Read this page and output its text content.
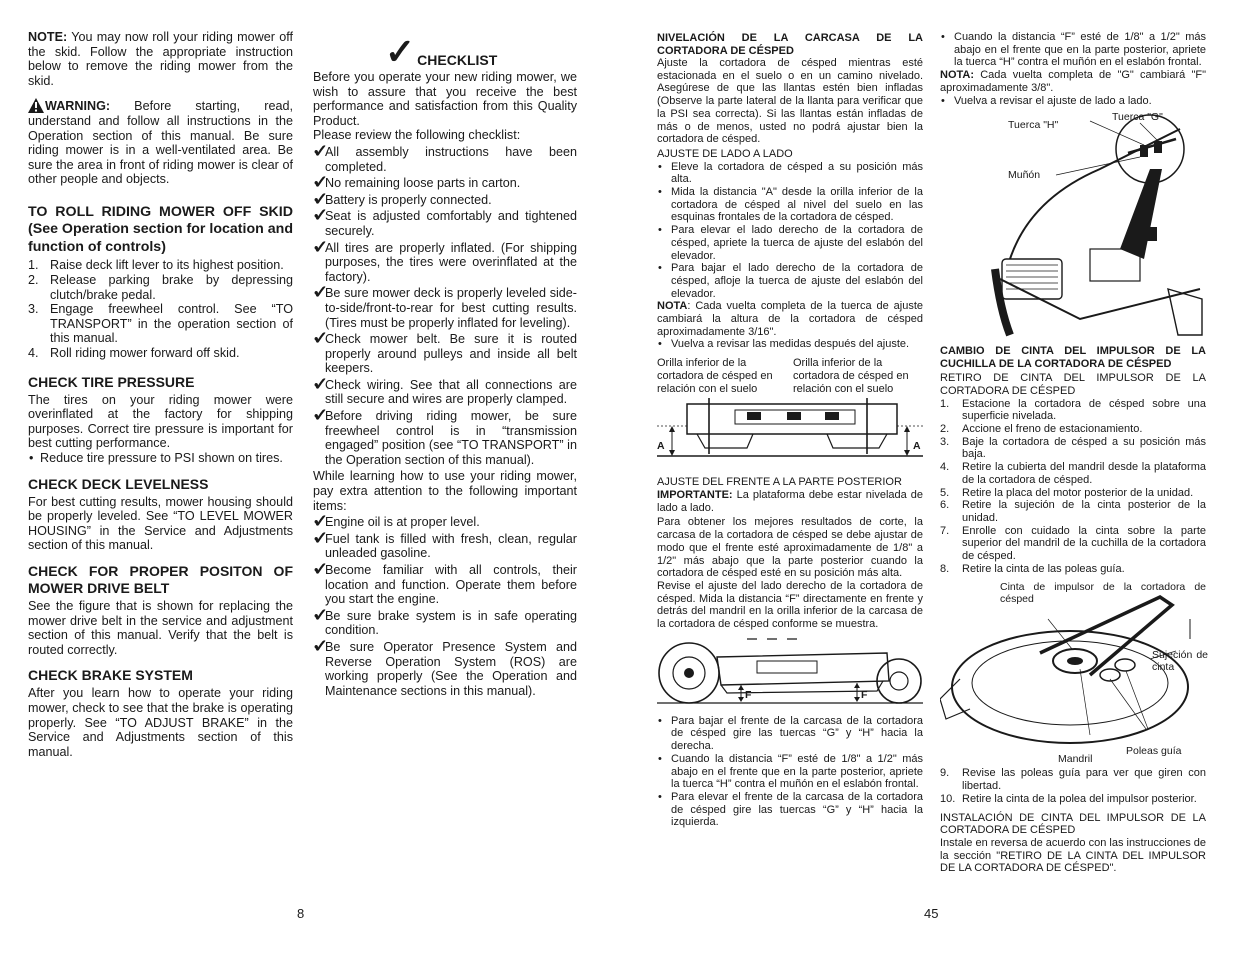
NOTE: You may now roll your riding mower off the skid. Follow the appropriate instruction below to remove the riding mower from the skid.

WARNING: Before starting, read, understand and follow all instructions in the Operation section of this manual. Be sure riding mower is in a well-ventilated area. Be sure the area in front of riding mower is clear of other people and objects.

TO ROLL RIDING MOWER OFF SKID (See Operation section for location and function of controls)
1. Raise deck lift lever to its highest position.
2. Release parking brake by depressing clutch/brake pedal.
3. Engage freewheel control. See “TO TRANSPORT” in the operation section of this manual.
4. Roll riding mower forward off skid.
CHECK TIRE PRESSURE

The tires on your riding mower were overinflated at the factory for shipping purposes. Correct tire pressure is important for best cutting performance.

• Reduce tire pressure to PSI shown on tires.
CHECK DECK LEVELNESS

For best cutting results, mower housing should be properly leveled. See “TO LEVEL MOWER HOUSING” in the Service and Adjustments section of this manual.

CHECK FOR PROPER POSITON OF MOWER DRIVE BELT

See the figure that is shown for replacing the mower drive belt in the service and adjustment section of this manual. Verify that the belt is routed correctly.

CHECK BRAKE SYSTEM

After you learn how to operate your riding mower, check to see that the brake is operating properly. See “TO ADJUST BRAKE” in the Service and Adjustments section of this manual.

✓ CHECKLIST

Before you operate your new riding mower, we wish to assure that you receive the best performance and satisfaction from this Quality Product.

Please review the following checklist:

• ✓
All assembly instructions have been completed.
• ✓
No remaining loose parts in carton.
• ✓
Battery is properly connected.
• ✓
Seat is adjusted comfortably and tightened securely.
• ✓
All tires are properly inflated. (For shipping purposes, the tires were overinflated at the factory).
• ✓
Be sure mower deck is properly leveled side-to-side/front-to-rear for best cutting results. (Tires must be properly inflated for leveling).
• ✓
Check mower belt. Be sure it is routed properly around pulleys and inside all belt keepers.
• ✓
Check wiring. See that all connections are still secure and wires are properly clamped.
• ✓
Before driving riding mower, be sure freewheel control is in “transmission engaged” position (see “TO TRANSPORT” in the Operation section of this manual).

While learning how to use your riding mower, pay extra attention to the following important items:

• ✓
Engine oil is at proper level.
• ✓
Fuel tank is filled with fresh, clean, regular unleaded gasoline.
• ✓
Become familiar with all controls, their location and function. Operate them before you start the engine.
• ✓
Be sure brake system is in safe operating condition.
• ✓
Be sure Operator Presence System and Reverse Operation System (ROS) are working properly (See the Operation and Maintenance sections in this manual).
8
NIVELACIÓN DE LA CARCASA DE LA CORTADORA DE CÉSPED

Ajuste la cortadora de césped mientras esté estacionada en el suelo o en un camino nivelado. Asegúrese de que las llantas estén bien infladas (Observe la parte lateral de la llanta para verificar que la PSI sea correcta). Si las llantas están infladas de más o de menos, usted no podrá ajustar bien la cortadora de césped.

AJUSTE DE LADO A LADO

• Eleve la cortadora de césped a su posición más alta.
• Mida la distancia "A" desde la orilla inferior de la cortadora de césped al nivel del suelo en las esquinas frontales de la cortadora de césped.
• Para elevar el lado derecho de la cortadora de césped, apriete la tuerca de ajuste del eslabón del elevador.
• Para bajar el lado derecho de la cortadora de césped, afloje la tuerca de ajuste del eslabón del elevador.

NOTA: Cada vuelta completa de la tuerca de ajuste cambiará la altura de la cortadora de césped aproximadamente 3/16".

• Vuelva a revisar las medidas después del ajuste.

Orilla inferior de la cortadora de césped en relación con el suelo

Orilla inferior de la cortadora de césped en relación con el suelo

A	A

AJUSTE DEL FRENTE A LA PARTE POSTERIOR

IMPORTANTE: La plataforma debe estar nivelada de lado a lado.

Para obtener los mejores resultados de corte, la carcasa de la cortadora de césped se debe ajustar de modo que el frente esté aproximadamente de 1/8" a 1/2" más abajo que la parte posterior cuando la cortadora de césped esté en su posición más alta.

Revise el ajuste del lado derecho de la cortadora de césped. Mida la distancia “F” directamente en frente y detrás del mandril en la orilla inferior de la carcasa de la cortadora de césped conforme se muestra.

F	F
• Para bajar el frente de la carcasa de la cortadora de césped gire las tuercas “G” y “H” hacia la derecha.
• Cuando la distancia “F” esté de 1/8" a 1/2" más abajo en el frente que en la parte posterior, apriete la tuerca “H” contra el muñón en el eslabón frontal.
• Para elevar el frente de la carcasa de la cortadora de césped gire las tuercas “G” y “H” hacia la izquierda.
• Cuando la distancia “F” esté de 1/8" a 1/2" más abajo en el frente que en la parte posterior, apriete la tuerca “H” contra el muñón en el eslabón frontal.

NOTA: Cada vuelta completa de "G" cambiará "F" aproximadamente 3/8".

• Vuelva a revisar el ajuste de lado a lado.
Tuerca "H"
Tuerca "G"
Muñón
CAMBIO DE CINTA DEL IMPULSOR DE LA CUCHILLA DE LA CORTADORA DE CÉSPED

RETIRO DE CINTA DEL IMPULSOR DE LA CORTADORA DE CÉSPED

1. Estacione la cortadora de césped sobre una superficie nivelada.
2. Accione el freno de estacionamiento.
3. Baje la cortadora de césped a su posición más baja.
4. Retire la cubierta del mandril desde la plataforma de la cortadora de césped.
5. Retire la placa del motor posterior de la unidad.
6. Retire la sujeción de la cinta posterior de la unidad.
7. Enrolle con cuidado la cinta sobre la parte superior del mandril de la cuchilla de la cortadora de césped.
8. Retire la cinta de las poleas guía.
Cinta de impulsor de la cortadora de césped
Sujeción de cinta
Mandril
Poleas guía
9. Revise las poleas guía para ver que giren con libertad.
10. Retire la cinta de la polea del impulsor posterior.

INSTALACIÓN DE CINTA DEL IMPULSOR DE LA CORTADORA DE CÉSPED

Instale en reversa de acuerdo con las instrucciones de la sección "RETIRO DE LA CINTA DEL IMPULSOR DE LA CORTADORA DE CÉSPED".

45
